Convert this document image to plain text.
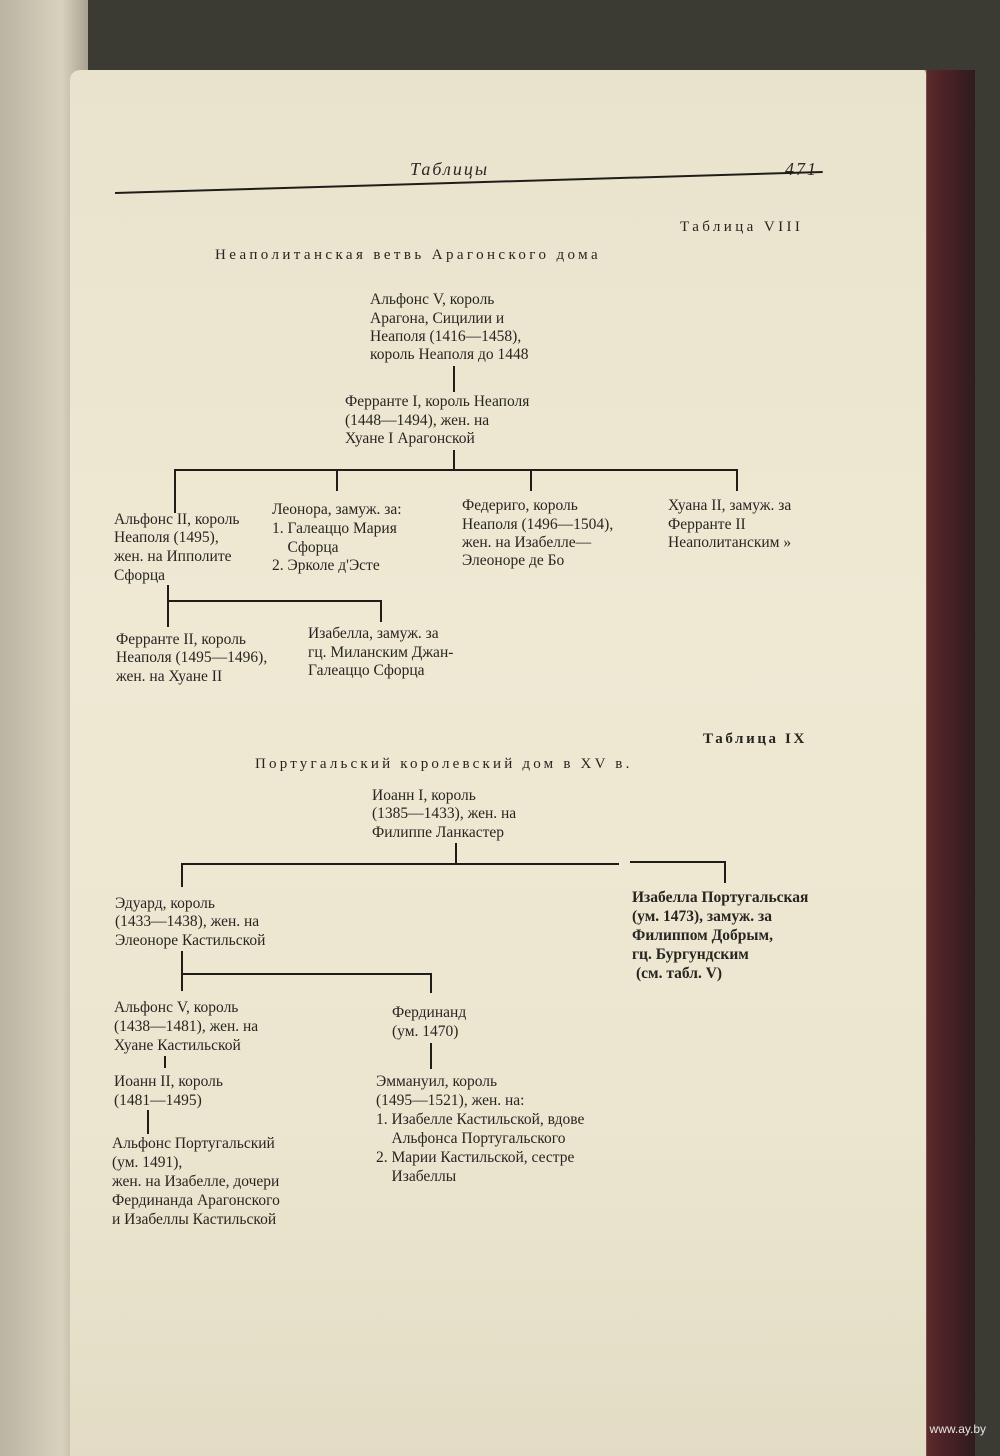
Таблицы	471

Таблица VIII

Неаполитанская ветвь Арагонского дома

Альфонс V, король

Арагона, Сицилии и

Неаполя (1416—1458),

король Неаполя до 1448

Ферранте I, король Неаполя

(1448—1494), жен. на

Хуане I Арагонской

Альфонс II, король

Неаполя (1495),

жен. на Ипполите

Сфорца

Леонора, замуж. за:

1. Галеаццо Мария

Сфорца

2. Эрколе д'Эсте

Федериго, король

Неаполя (1496—1504),

жен. на Изабелле—

Элеоноре де Бо

Хуана II, замуж. за

Ферранте II

Неаполитанским »

Ферранте II, король

Неаполя (1495—1496),

жен. на Хуане II

Изабелла, замуж. за

гц. Миланским Джан-

Галеаццо Сфорца

Таблица IX

Португальский королевский дом в XV в.

Иоанн I, король

(1385—1433), жен. на

Филиппе Ланкастер

Эдуард, король

(1433—1438), жен. на

Элеоноре Кастильской

Изабелла Португальская

(ум. 1473), замуж. за

Филиппом Добрым,

гц. Бургундским

(см. табл. V)

Альфонс V, король

(1438—1481), жен. на

Хуане Кастильской

Фердинанд

(ум. 1470)

Иоанн II, король

(1481—1495)

Эммануил, король

(1495—1521), жен. на:

1. Изабелле Кастильской, вдове

Альфонса Португальского

2. Марии Кастильской, сестре

Изабеллы

Альфонс Португальский

(ум. 1491),

жен. на Изабелле, дочери

Фердинанда Арагонского

и Изабеллы Кастильской

www.ay.by
